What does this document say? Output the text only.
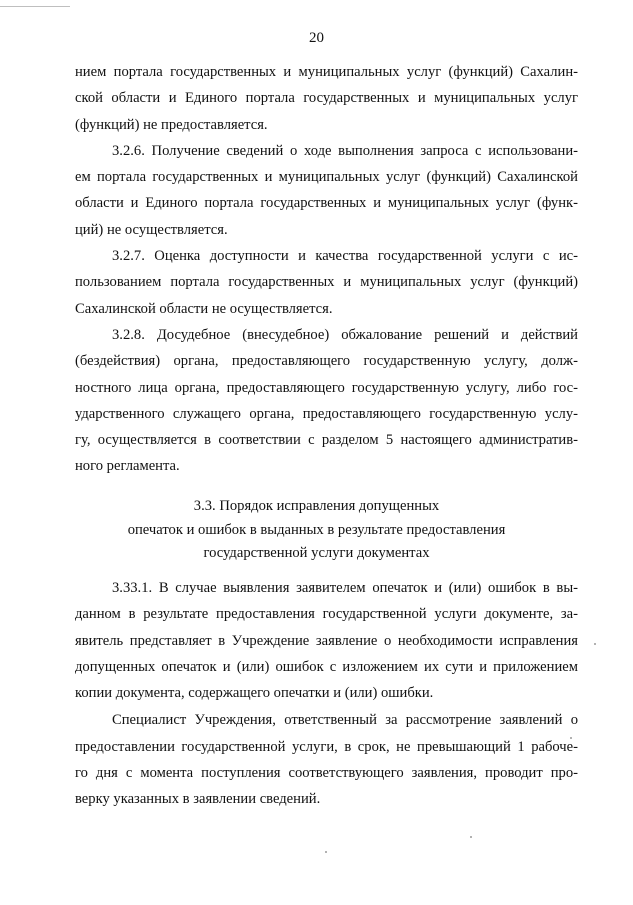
20
нием портала государственных и муниципальных услуг (функций) Сахалин-
ской области и Единого портала государственных и муниципальных услуг
(функций) не предоставляется.
3.2.6. Получение сведений о ходе выполнения запроса с использовани-
ем портала государственных и муниципальных услуг (функций) Сахалинской
области и Единого портала государственных и муниципальных услуг (функ-
ций) не осуществляется.
3.2.7. Оценка доступности и качества государственной услуги с ис-
пользованием портала государственных и муниципальных услуг (функций)
Сахалинской области не осуществляется.
3.2.8. Досудебное (внесудебное) обжалование решений и действий
(бездействия) органа, предоставляющего государственную услугу, долж-
ностного лица органа, предоставляющего государственную услугу, либо гос-
ударственного служащего органа, предоставляющего государственную услу-
гу, осуществляется в соответствии с разделом 5 настоящего административ-
ного регламента.
3.3. Порядок исправления допущенных
опечаток и ошибок в выданных в результате предоставления
государственной услуги документах
3.33.1. В случае выявления заявителем опечаток и (или) ошибок в вы-
данном в результате предоставления государственной услуги документе, за-
явитель представляет в Учреждение заявление о необходимости исправления
допущенных опечаток и (или) ошибок с изложением их сути и приложением
копии документа, содержащего опечатки и (или) ошибки.
Специалист Учреждения, ответственный за рассмотрение заявлений о
предоставлении государственной услуги, в срок, не превышающий 1 рабоче-
го дня с момента поступления соответствующего заявления, проводит про-
верку указанных в заявлении сведений.
